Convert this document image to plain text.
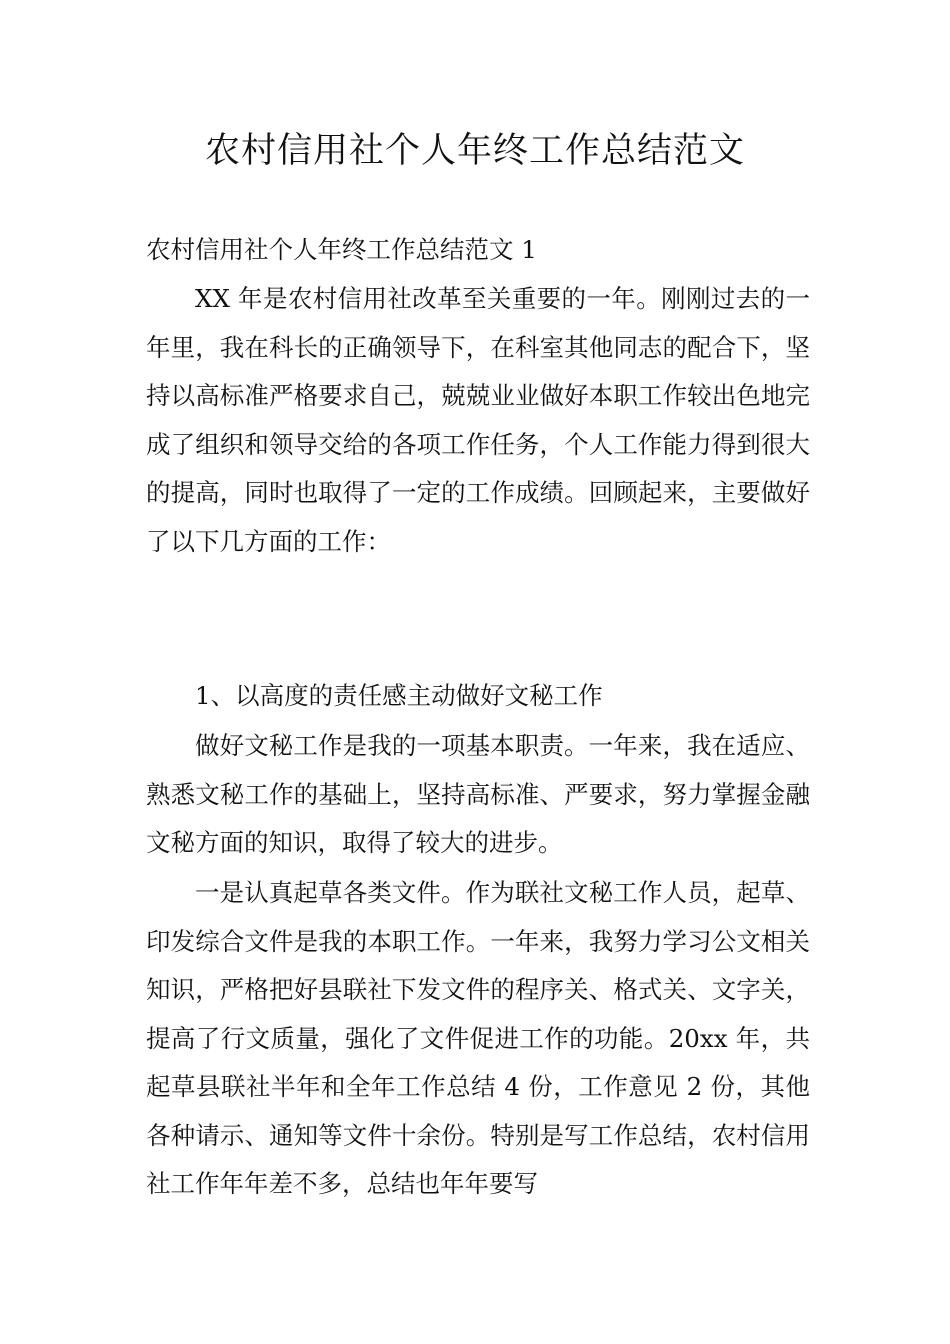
农村信用社个人年终工作总结范文

农村信用社个人年终工作总结范文 1

XX 年是农村信用社改革至关重要的一年。刚刚过去的一年里，我在科长的正确领导下，在科室其他同志的配合下，坚持以高标准严格要求自己，兢兢业业做好本职工作较出色地完成了组织和领导交给的各项工作任务，个人工作能力得到很大的提高，同时也取得了一定的工作成绩。回顾起来，主要做好了以下几方面的工作：

1、以高度的责任感主动做好文秘工作

做好文秘工作是我的一项基本职责。一年来，我在适应、熟悉文秘工作的基础上，坚持高标准、严要求，努力掌握金融文秘方面的知识，取得了较大的进步。

一是认真起草各类文件。作为联社文秘工作人员，起草、印发综合文件是我的本职工作。一年来，我努力学习公文相关知识，严格把好县联社下发文件的程序关、格式关、文字关，提高了行文质量，强化了文件促进工作的功能。20xx 年，共起草县联社半年和全年工作总结 4 份，工作意见 2 份，其他各种请示、通知等文件十余份。特别是写工作总结，农村信用社工作年年差不多，总结也年年要写
